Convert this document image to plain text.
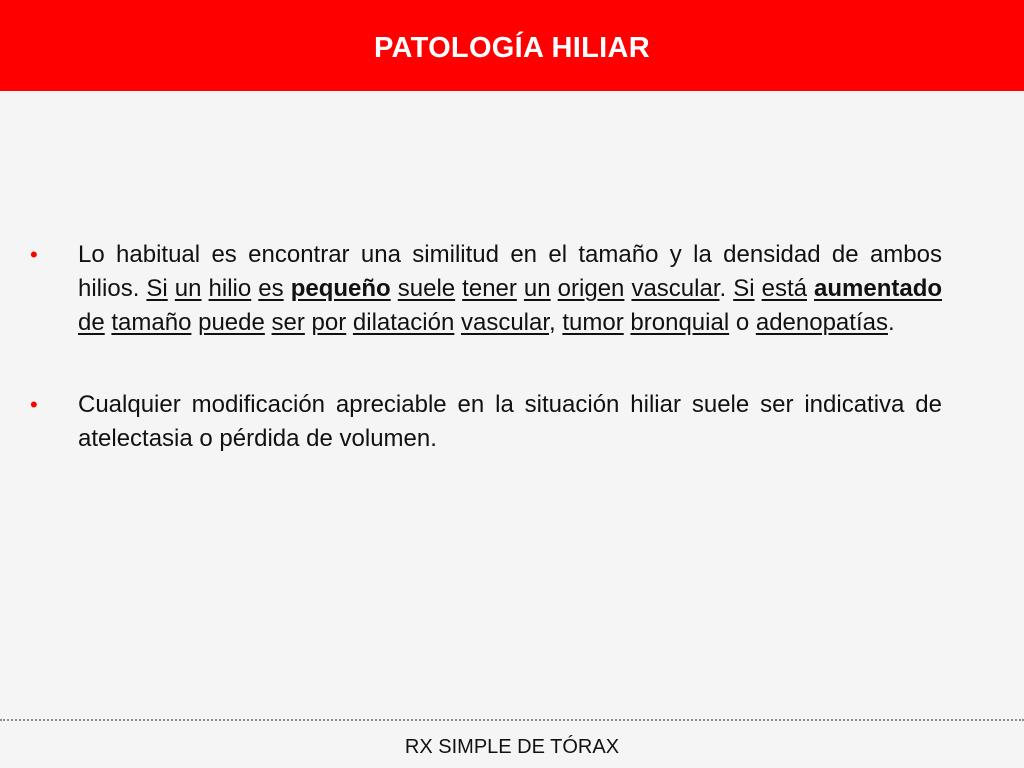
PATOLOGÍA HILIAR
• Lo habitual es encontrar una similitud en el tamaño y la densidad de ambos hilios. Si un hilio es pequeño suele tener un origen vascular. Si está aumentado de tamaño puede ser por dilatación vascular, tumor bronquial o adenopatías.
• Cualquier modificación apreciable en la situación hiliar suele ser indicativa de atelectasia o pérdida de volumen.
RX SIMPLE DE TÓRAX
